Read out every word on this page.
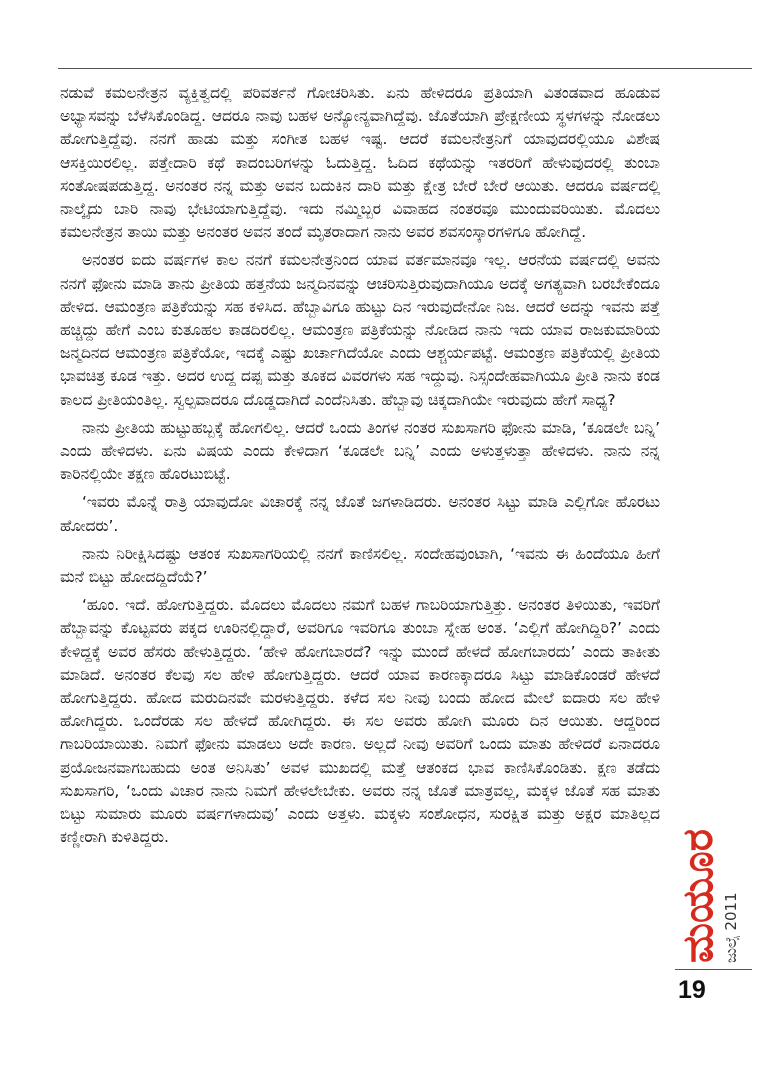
ನಡುವೆ ಕಮಲನೇತ್ರನ ವ್ಯಕ್ತಿತ್ವದಲ್ಲಿ ಪರಿವರ್ತನೆ ಗೋಚರಿಸಿತು. ಏನು ಹೇಳಿದರೂ ಪ್ರತಿಯಾಗಿ ವಿತಂಡವಾದ ಹೂಡುವ ಅಭ್ಯಾಸವನ್ನು ಬೆಳೆಸಿಕೊಂಡಿದ್ದ. ಆದರೂ ನಾವು ಬಹಳ ಅನ್ಯೋನ್ಯವಾಗಿದ್ದೆವು. ಜೊತೆಯಾಗಿ ಪ್ರೇಕ್ಷಣೀಯ ಸ್ಥಳಗಳನ್ನು ನೋಡಲು ಹೋಗುತ್ತಿದ್ದೆವು. ನನಗೆ ಹಾಡು ಮತ್ತು ಸಂಗೀತ ಬಹಳ ಇಷ್ಟ. ಆದರೆ ಕಮಲನೇತ್ರನಿಗೆ ಯಾವುದರಲ್ಲಿಯೂ ವಿಶೇಷ ಆಸಕ್ತಿಯಿರಲಿಲ್ಲ. ಪತ್ತೇದಾರಿ ಕಥೆ ಕಾದಂಬರಿಗಳನ್ನು ಓದುತ್ತಿದ್ದ. ಓದಿದ ಕಥೆಯನ್ನು ಇತರರಿಗೆ ಹೇಳುವುದರಲ್ಲಿ ತುಂಬಾ ಸಂತೋಷಪಡುತ್ತಿದ್ದ. ಅನಂತರ ನನ್ನ ಮತ್ತು ಅವನ ಬದುಕಿನ ದಾರಿ ಮತ್ತು ಕ್ಷೇತ್ರ ಬೇರೆ ಬೇರೆ ಆಯಿತು. ಆದರೂ ವರ್ಷದಲ್ಲಿ ನಾಲ್ಕೈದು ಬಾರಿ ನಾವು ಭೇಟಿಯಾಗುತ್ತಿದ್ದೆವು. ಇದು ನಮ್ಮಿಬ್ಬರ ವಿವಾಹದ ನಂತರವೂ ಮುಂದುವರಿಯಿತು. ಮೊದಲು ಕಮಲನೇತ್ರನ ತಾಯಿ ಮತ್ತು ಅನಂತರ ಅವನ ತಂದೆ ಮೃತರಾದಾಗ ನಾನು ಅವರ ಶವಸಂಸ್ಕಾರಗಳಿಗೂ ಹೋಗಿದ್ದೆ.

ಅನಂತರ ಐದು ವರ್ಷಗಳ ಕಾಲ ನನಗೆ ಕಮಲನೇತ್ರನಿಂದ ಯಾವ ವರ್ತಮಾನವೂ ಇಲ್ಲ. ಆರನೆಯ ವರ್ಷದಲ್ಲಿ ಅವನು ನನಗೆ ಫೋನು ಮಾಡಿ ತಾನು ಪ್ರೀತಿಯ ಹತ್ತನೆಯ ಜನ್ಮದಿನವನ್ನು ಆಚರಿಸುತ್ತಿರುವುದಾಗಿಯೂ ಅದಕ್ಕೆ ಅಗತ್ಯವಾಗಿ ಬರಬೇಕೆಂದೂ ಹೇಳಿದ. ಆಮಂತ್ರಣ ಪತ್ರಿಕೆಯನ್ನು ಸಹ ಕಳಿಸಿದ. ಹೆಬ್ಬಾವಿಗೂ ಹುಟ್ಟು ದಿನ ಇರುವುದೇನೋ ನಿಜ. ಆದರೆ ಅದನ್ನು ಇವನು ಪತ್ತೆ ಹಚ್ಚಿದ್ದು ಹೇಗೆ ಎಂಬ ಕುತೂಹಲ ಕಾಡದಿರಲಿಲ್ಲ. ಆಮಂತ್ರಣ ಪತ್ರಿಕೆಯನ್ನು ನೋಡಿದ ನಾನು ಇದು ಯಾವ ರಾಜಕುಮಾರಿಯ ಜನ್ಮದಿನದ ಆಮಂತ್ರಣ ಪತ್ರಿಕೆಯೋ, ಇದಕ್ಕೆ ಎಷ್ಟು ಖರ್ಚಾಗಿದೆಯೋ ಎಂದು ಆಶ್ಚರ್ಯಪಟ್ಟೆ. ಆಮಂತ್ರಣ ಪತ್ರಿಕೆಯಲ್ಲಿ ಪ್ರೀತಿಯ ಭಾವಚಿತ್ರ ಕೂಡ ಇತ್ತು. ಅದರ ಉದ್ದ ದಪ್ಪ ಮತ್ತು ತೂಕದ ವಿವರಗಳು ಸಹ ಇದ್ದುವು. ನಿಸ್ಸಂದೇಹವಾಗಿಯೂ ಪ್ರೀತಿ ನಾನು ಕಂಡ ಕಾಲದ ಪ್ರೀತಿಯಂತಿಲ್ಲ. ಸ್ವಲ್ಪವಾದರೂ ದೊಡ್ಡದಾಗಿದೆ ಎಂದೆನಿಸಿತು. ಹೆಬ್ಬಾವು ಚಿಕ್ಕದಾಗಿಯೇ ಇರುವುದು ಹೇಗೆ ಸಾಧ್ಯ?

ನಾನು ಪ್ರೀತಿಯ ಹುಟ್ಟುಹಬ್ಬಕ್ಕೆ ಹೋಗಲಿಲ್ಲ. ಆದರೆ ಒಂದು ತಿಂಗಳ ನಂತರ ಸುಖಸಾಗರಿ ಫೋನು ಮಾಡಿ, ‘ಕೂಡಲೇ ಬನ್ನಿ’ ಎಂದು ಹೇಳಿದಳು. ಏನು ವಿಷಯ ಎಂದು ಕೇಳಿದಾಗ ‘ಕೂಡಲೇ ಬನ್ನಿ’ ಎಂದು ಅಳುತ್ತಳುತ್ತಾ ಹೇಳಿದಳು. ನಾನು ನನ್ನ ಕಾರಿನಲ್ಲಿಯೇ ತಕ್ಷಣ ಹೊರಟುಬಿಟ್ಟೆ.

‘ಇವರು ಮೊನ್ನೆ ರಾತ್ರಿ ಯಾವುದೋ ವಿಚಾರಕ್ಕೆ ನನ್ನ ಜೊತೆ ಜಗಳಾಡಿದರು. ಅನಂತರ ಸಿಟ್ಟು ಮಾಡಿ ಎಲ್ಲಿಗೋ ಹೊರಟು ಹೋದರು’.

ನಾನು ನಿರೀಕ್ಷಿಸಿದಷ್ಟು ಆತಂಕ ಸುಖಸಾಗರಿಯಲ್ಲಿ ನನಗೆ ಕಾಣಿಸಲಿಲ್ಲ. ಸಂದೇಹವುಂಟಾಗಿ, ‘ಇವನು ಈ ಹಿಂದೆಯೂ ಹೀಗೆ ಮನೆ ಬಿಟ್ಟು ಹೋದದ್ದಿದೆಯೆ?’

‘ಹೂಂ. ಇದೆ. ಹೋಗುತ್ತಿದ್ದರು. ಮೊದಲು ಮೊದಲು ನಮಗೆ ಬಹಳ ಗಾಬರಿಯಾಗುತ್ತಿತ್ತು. ಅನಂತರ ತಿಳಿಯಿತು, ಇವರಿಗೆ ಹೆಬ್ಬಾವನ್ನು ಕೊಟ್ಟವರು ಪಕ್ಕದ ಊರಿನಲ್ಲಿದ್ದಾರೆ, ಅವರಿಗೂ ಇವರಿಗೂ ತುಂಬಾ ಸ್ನೇಹ ಅಂತ. ‘ಎಲ್ಲಿಗೆ ಹೋಗಿದ್ದಿರಿ?’ ಎಂದು ಕೇಳಿದ್ದಕ್ಕೆ ಅವರ ಹೆಸರು ಹೇಳುತ್ತಿದ್ದರು. ‘ಹೇಳಿ ಹೋಗಬಾರದೆ? ಇನ್ನು ಮುಂದೆ ಹೇಳದೆ ಹೋಗಬಾರದು’ ಎಂದು ತಾಕೀತು ಮಾಡಿದೆ. ಅನಂತರ ಕೆಲವು ಸಲ ಹೇಳಿ ಹೋಗುತ್ತಿದ್ದರು. ಆದರೆ ಯಾವ ಕಾರಣಕ್ಕಾದರೂ ಸಿಟ್ಟು ಮಾಡಿಕೊಂಡರೆ ಹೇಳದೆ ಹೋಗುತ್ತಿದ್ದರು. ಹೋದ ಮರುದಿನವೇ ಮರಳುತ್ತಿದ್ದರು. ಕಳೆದ ಸಲ ನೀವು ಬಂದು ಹೋದ ಮೇಲೆ ಐದಾರು ಸಲ ಹೇಳಿ ಹೋಗಿದ್ದರು. ಒಂದೆರಡು ಸಲ ಹೇಳದೆ ಹೋಗಿದ್ದರು. ಈ ಸಲ ಅವರು ಹೋಗಿ ಮೂರು ದಿನ ಆಯಿತು. ಆದ್ದರಿಂದ ಗಾಬರಿಯಾಯಿತು. ನಿಮಗೆ ಫೋನು ಮಾಡಲು ಅದೇ ಕಾರಣ. ಅಲ್ಲದೆ ನೀವು ಅವರಿಗೆ ಒಂದು ಮಾತು ಹೇಳಿದರೆ ಏನಾದರೂ ಪ್ರಯೋಜನವಾಗಬಹುದು ಅಂತ ಅನಿಸಿತು’ ಅವಳ ಮುಖದಲ್ಲಿ ಮತ್ತೆ ಆತಂಕದ ಭಾವ ಕಾಣಿಸಿಕೊಂಡಿತು. ಕ್ಷಣ ತಡೆದು ಸುಖಸಾಗರಿ, ‘ಒಂದು ವಿಚಾರ ನಾನು ನಿಮಗೆ ಹೇಳಲೇಬೇಕು. ಅವರು ನನ್ನ ಜೊತೆ ಮಾತ್ರವಲ್ಲ, ಮಕ್ಕಳ ಜೊತೆ ಸಹ ಮಾತು ಬಿಟ್ಟು ಸುಮಾರು ಮೂರು ವರ್ಷಗಳಾದುವು’ ಎಂದು ಅತ್ತಳು. ಮಕ್ಕಳು ಸಂಶೋಧನ, ಸುರಕ್ಷಿತ ಮತ್ತು ಅಕ್ಷರ ಮಾತಿಲ್ಲದ ಕಣ್ಣೀರಾಗಿ ಕುಳಿತಿದ್ದರು.	ಮಯೂರ ಜುಲೈ 2011
19
